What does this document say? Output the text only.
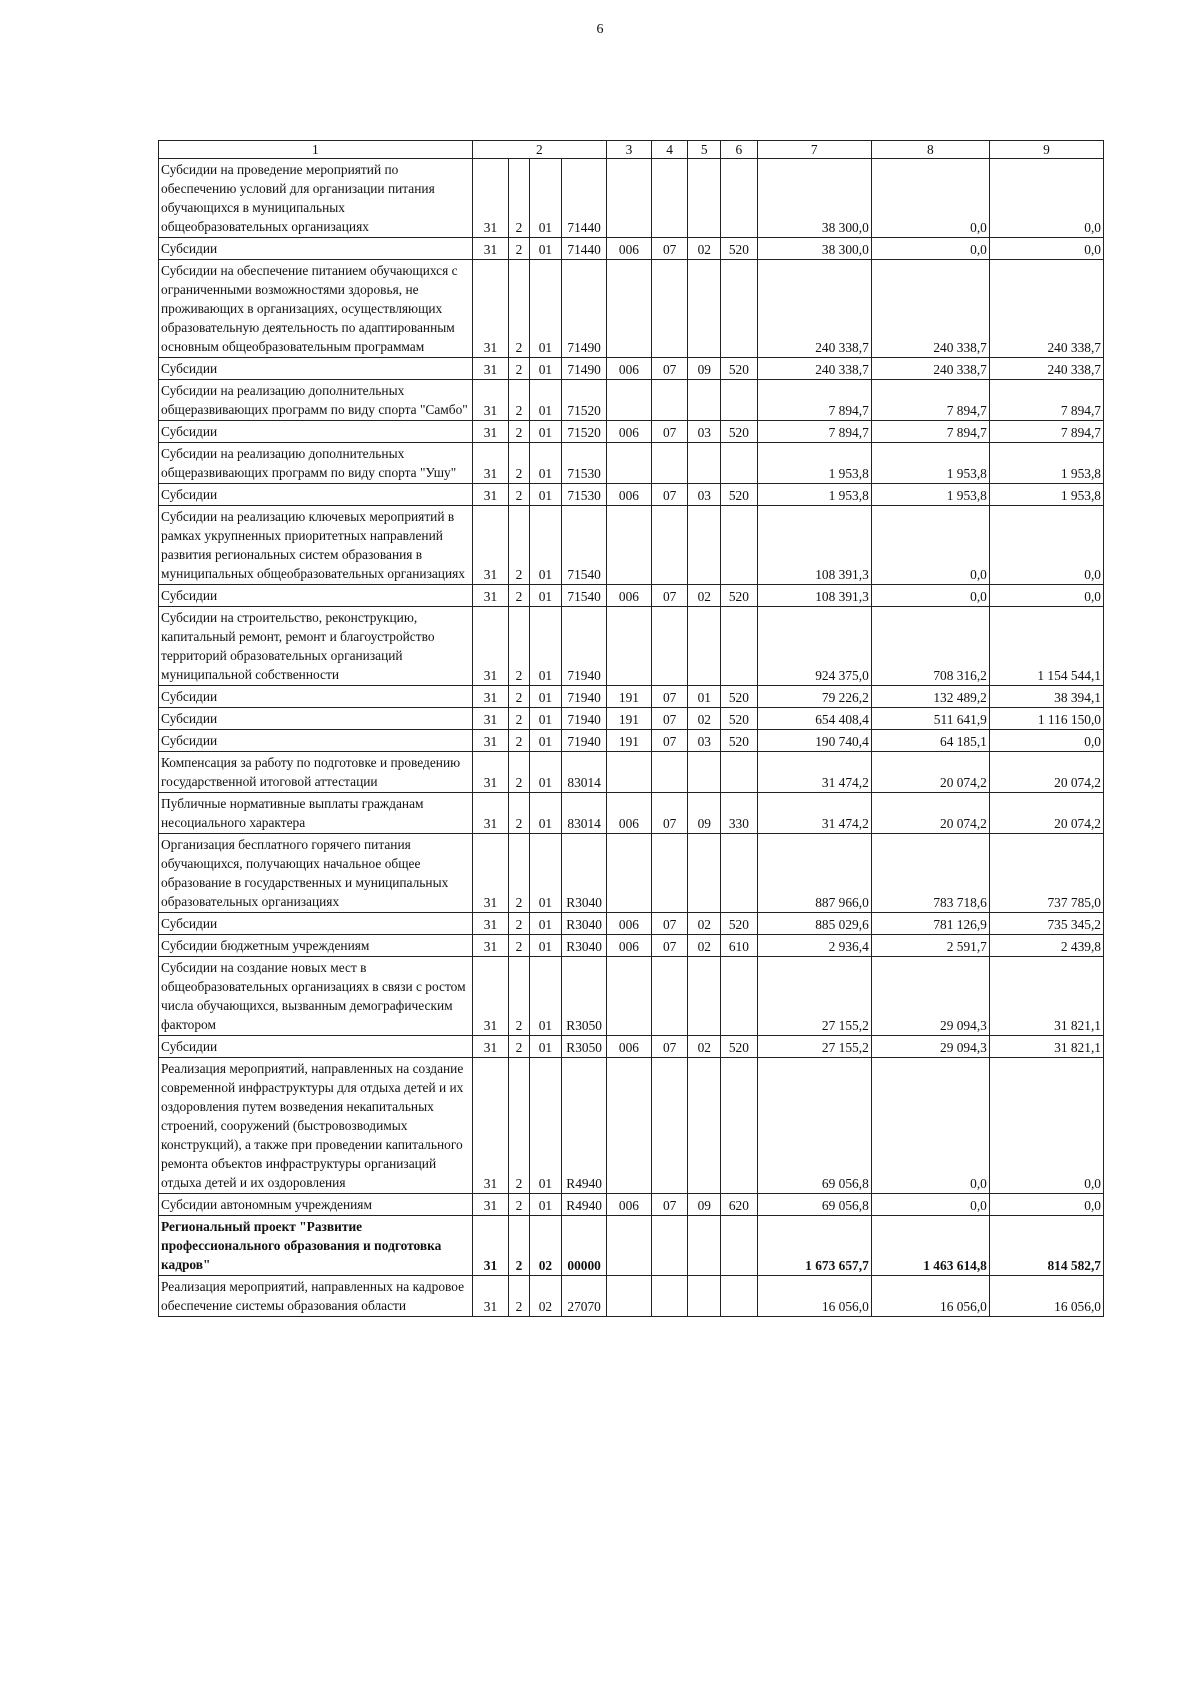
6
1	2				3	4	5	6	7	8	9
Субсидии на проведение мероприятий по обеспечению условий для организации питания обучающихся в муниципальных общеобразовательных организациях	31	2	01	71440					38 300,0	0,0	0,0
Субсидии	31	2	01	71440	006	07	02	520	38 300,0	0,0	0,0
Субсидии на обеспечение питанием обучающихся с ограниченными возможностями здоровья, не проживающих в организациях, осуществляющих образовательную деятельность по адаптированным основным общеобразовательным программам	31	2	01	71490					240 338,7	240 338,7	240 338,7
Субсидии	31	2	01	71490	006	07	09	520	240 338,7	240 338,7	240 338,7
Субсидии на реализацию дополнительных общеразвивающих программ по виду спорта "Самбо"	31	2	01	71520					7 894,7	7 894,7	7 894,7
Субсидии	31	2	01	71520	006	07	03	520	7 894,7	7 894,7	7 894,7
Субсидии на реализацию дополнительных общеразвивающих программ по виду спорта "Ушу"	31	2	01	71530					1 953,8	1 953,8	1 953,8
Субсидии	31	2	01	71530	006	07	03	520	1 953,8	1 953,8	1 953,8
Субсидии на реализацию ключевых мероприятий в рамках укрупненных приоритетных направлений развития региональных систем образования в муниципальных общеобразовательных организациях	31	2	01	71540					108 391,3	0,0	0,0
Субсидии	31	2	01	71540	006	07	02	520	108 391,3	0,0	0,0
Субсидии на строительство, реконструкцию, капитальный ремонт, ремонт и благоустройство территорий образовательных организаций муниципальной собственности	31	2	01	71940					924 375,0	708 316,2	1 154 544,1
Субсидии	31	2	01	71940	191	07	01	520	79 226,2	132 489,2	38 394,1
Субсидии	31	2	01	71940	191	07	02	520	654 408,4	511 641,9	1 116 150,0
Субсидии	31	2	01	71940	191	07	03	520	190 740,4	64 185,1	0,0
Компенсация за работу по подготовке и проведению государственной итоговой аттестации	31	2	01	83014					31 474,2	20 074,2	20 074,2
Публичные нормативные выплаты гражданам несоциального характера	31	2	01	83014	006	07	09	330	31 474,2	20 074,2	20 074,2
Организация бесплатного горячего питания обучающихся, получающих начальное общее образование в государственных и муниципальных образовательных организациях	31	2	01	R3040					887 966,0	783 718,6	737 785,0
Субсидии	31	2	01	R3040	006	07	02	520	885 029,6	781 126,9	735 345,2
Субсидии бюджетным учреждениям	31	2	01	R3040	006	07	02	610	2 936,4	2 591,7	2 439,8
Субсидии на создание новых мест в общеобразовательных организациях в связи с ростом числа обучающихся, вызванным демографическим фактором	31	2	01	R3050					27 155,2	29 094,3	31 821,1
Субсидии	31	2	01	R3050	006	07	02	520	27 155,2	29 094,3	31 821,1
Реализация мероприятий, направленных на создание современной инфраструктуры для отдыха детей и их оздоровления путем возведения некапитальных строений, сооружений (быстровозводимых конструкций), а также при проведении капитального ремонта объектов инфраструктуры организаций отдыха детей и их оздоровления	31	2	01	R4940					69 056,8	0,0	0,0
Субсидии автономным учреждениям	31	2	01	R4940	006	07	09	620	69 056,8	0,0	0,0
Региональный проект "Развитие профессионального образования и подготовка кадров"	31	2	02	00000					1 673 657,7	1 463 614,8	814 582,7
Реализация мероприятий, направленных на кадровое обеспечение системы образования области	31	2	02	27070					16 056,0	16 056,0	16 056,0
